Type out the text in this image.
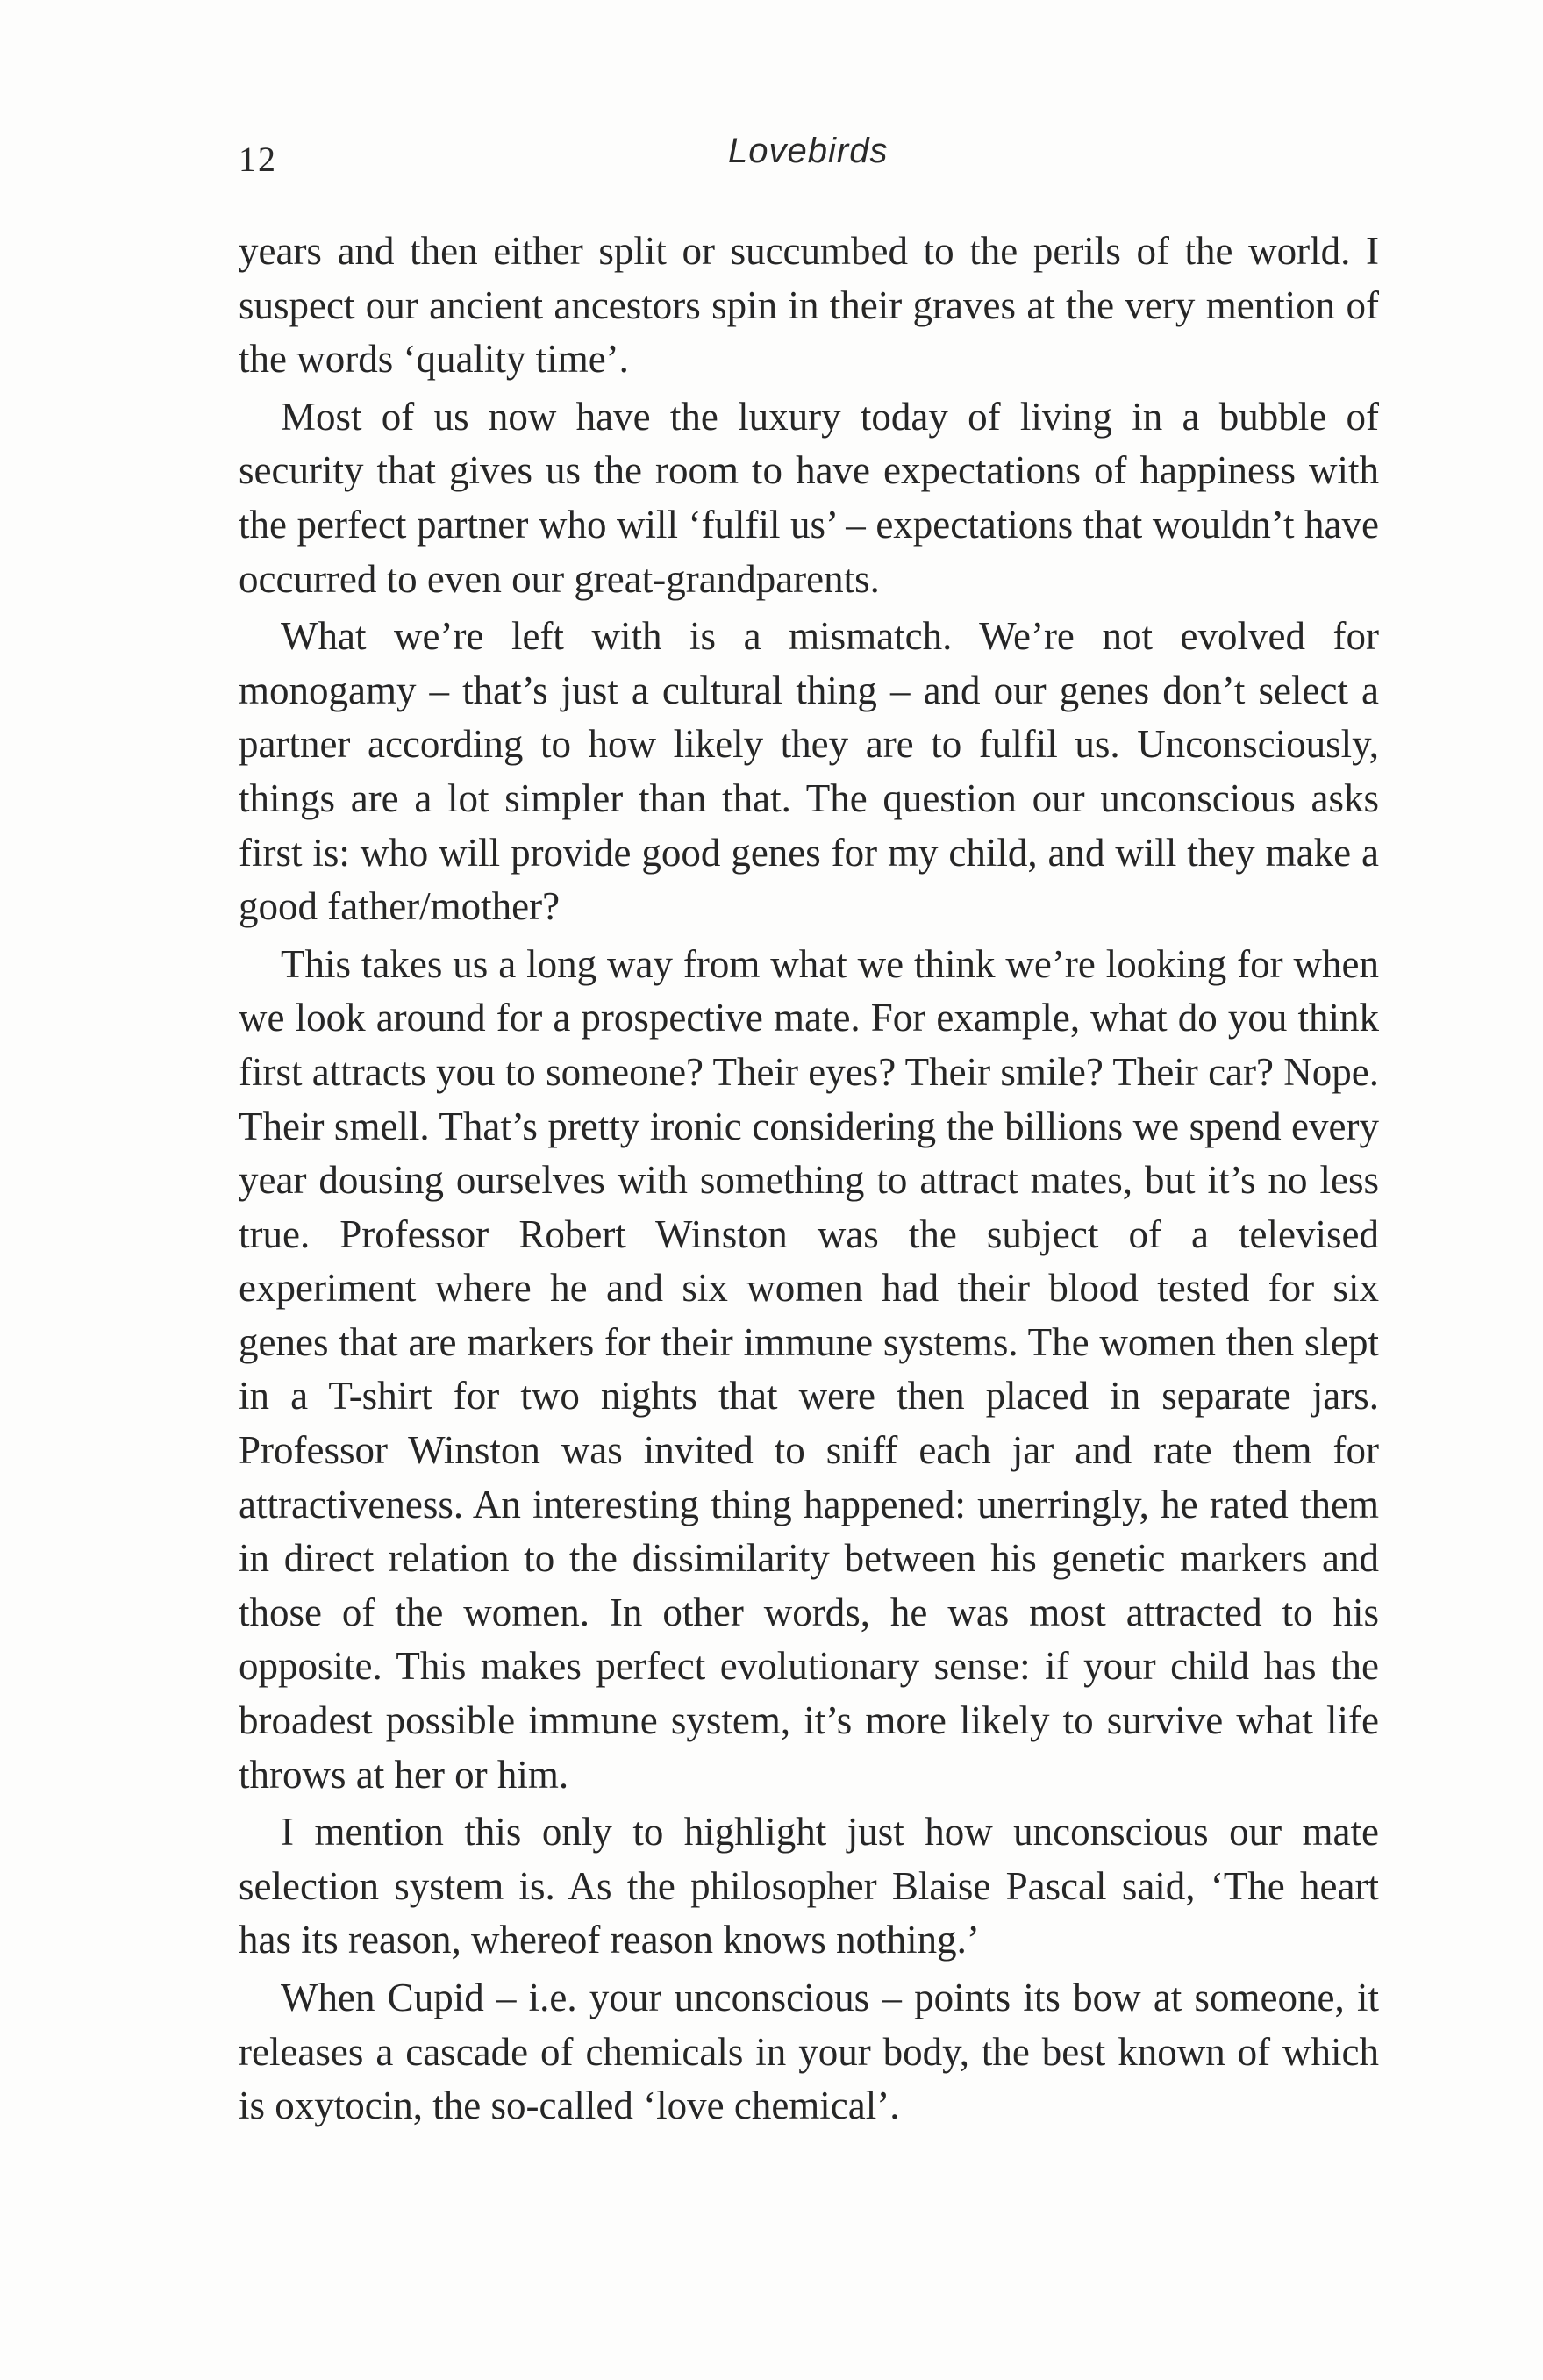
12	Lovebirds

years and then either split or succumbed to the perils of the world. I suspect our ancient ancestors spin in their graves at the very mention of the words ‘quality time’.

Most of us now have the luxury today of living in a bubble of security that gives us the room to have expectations of happiness with the perfect partner who will ‘fulfil us’ – expectations that wouldn’t have occurred to even our great-grandparents.

What we’re left with is a mismatch. We’re not evolved for monogamy – that’s just a cultural thing – and our genes don’t select a partner according to how likely they are to fulfil us. Unconsciously, things are a lot simpler than that. The question our unconscious asks first is: who will provide good genes for my child, and will they make a good father/mother?

This takes us a long way from what we think we’re looking for when we look around for a prospective mate. For example, what do you think first attracts you to someone? Their eyes? Their smile? Their car? Nope. Their smell. That’s pretty ironic considering the billions we spend every year dousing ourselves with something to attract mates, but it’s no less true. Professor Robert Winston was the subject of a televised experiment where he and six women had their blood tested for six genes that are markers for their immune systems. The women then slept in a T-shirt for two nights that were then placed in separate jars. Professor Winston was invited to sniff each jar and rate them for attractiveness. An interesting thing happened: unerringly, he rated them in direct relation to the dissimilarity between his genetic markers and those of the women. In other words, he was most attracted to his opposite. This makes perfect evolutionary sense: if your child has the broadest possible immune system, it’s more likely to survive what life throws at her or him.

I mention this only to highlight just how unconscious our mate selection system is. As the philosopher Blaise Pascal said, ‘The heart has its reason, whereof reason knows nothing.’

When Cupid – i.e. your unconscious – points its bow at someone, it releases a cascade of chemicals in your body, the best known of which is oxytocin, the so-called ‘love chemical’.
